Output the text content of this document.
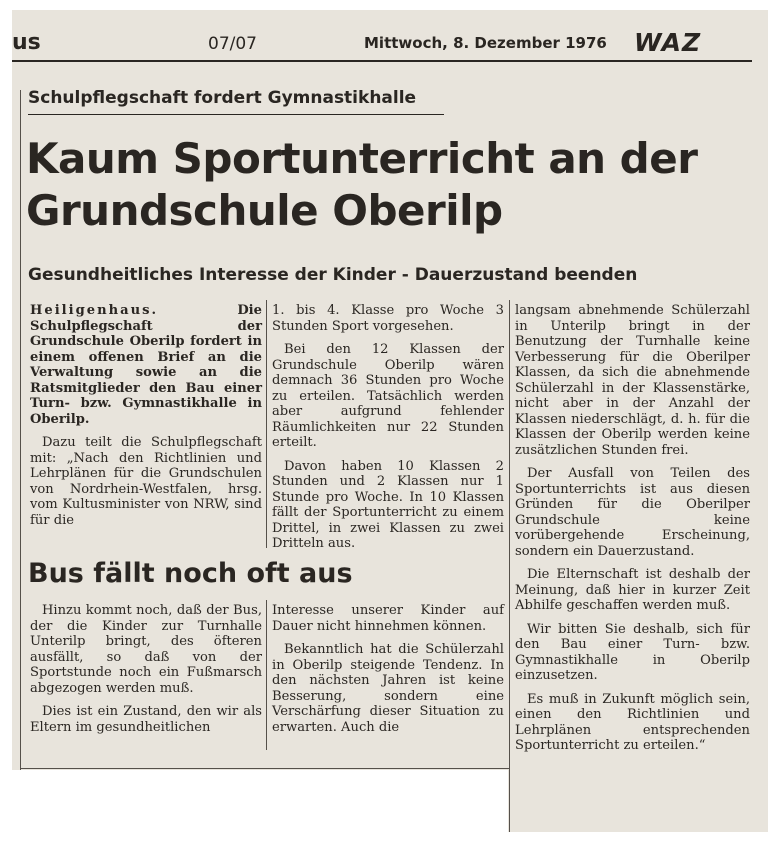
us	07/07	Mittwoch, 8. Dezember 1976 WAZ
Schulpflegschaft fordert Gymnastikhalle
Kaum Sportunterricht an der Grundschule Oberilp
Gesundheitliches Interesse der Kinder - Dauerzustand beenden

Heiligenhaus.	Die Schulpflegschaft der Grundschule Oberilp fordert in einem offenen Brief an die Verwaltung sowie an die Ratsmitglieder den Bau einer Turn- bzw. Gymnastikhalle in Oberilp.

Dazu teilt die Schulpflegschaft mit: „Nach den Richtlinien und Lehrplänen für die Grundschulen von Nordrhein-Westfalen, hrsg. vom Kultusminister von NRW, sind für die

1. bis 4. Klasse pro Woche 3 Stunden Sport vorgesehen.

Bei den 12 Klassen der Grundschule Oberilp wären demnach 36 Stunden pro Woche zu erteilen. Tatsächlich werden aber aufgrund fehlender Räumlichkeiten nur 22 Stunden erteilt.

Davon haben 10 Klassen 2 Stunden und 2 Klassen nur 1 Stunde pro Woche. In 10 Klassen fällt der Sportunterricht zu einem Drittel, in zwei Klassen zu zwei Dritteln aus.

Bus fällt noch oft aus

Hinzu kommt noch, daß der Bus, der die Kinder zur Turnhalle Unterilp bringt, des öfteren ausfällt, so daß von der Sportstunde noch ein Fußmarsch abgezogen werden muß.

Dies ist ein Zustand, den wir als Eltern im gesundheitlichen

Interesse unserer Kinder auf Dauer nicht hinnehmen können.

Bekanntlich hat die Schülerzahl in Oberilp steigende Tendenz. In den nächsten Jahren ist keine Besserung, sondern eine Verschärfung dieser Situation zu erwarten. Auch die

langsam abnehmende Schülerzahl in Unterilp bringt in der Benutzung der Turnhalle keine Verbesserung für die Oberilper Klassen, da sich die abnehmende Schülerzahl in der Klassenstärke, nicht aber in der Anzahl der Klassen niederschlägt, d. h. für die Klassen der Oberilp werden keine zusätzlichen Stunden frei.

Der Ausfall von Teilen des Sportunterrichts ist aus diesen Gründen für die Oberilper Grundschule keine vorübergehende Erscheinung, sondern ein Dauerzustand.

Die Elternschaft ist deshalb der Meinung, daß hier in kurzer Zeit Abhilfe geschaffen werden muß.

Wir bitten Sie deshalb, sich für den Bau einer Turn- bzw. Gymnastikhalle in Oberilp einzusetzen.

Es muß in Zukunft möglich sein, einen den Richtlinien und Lehrplänen entsprechenden Sportunterricht zu erteilen.“
